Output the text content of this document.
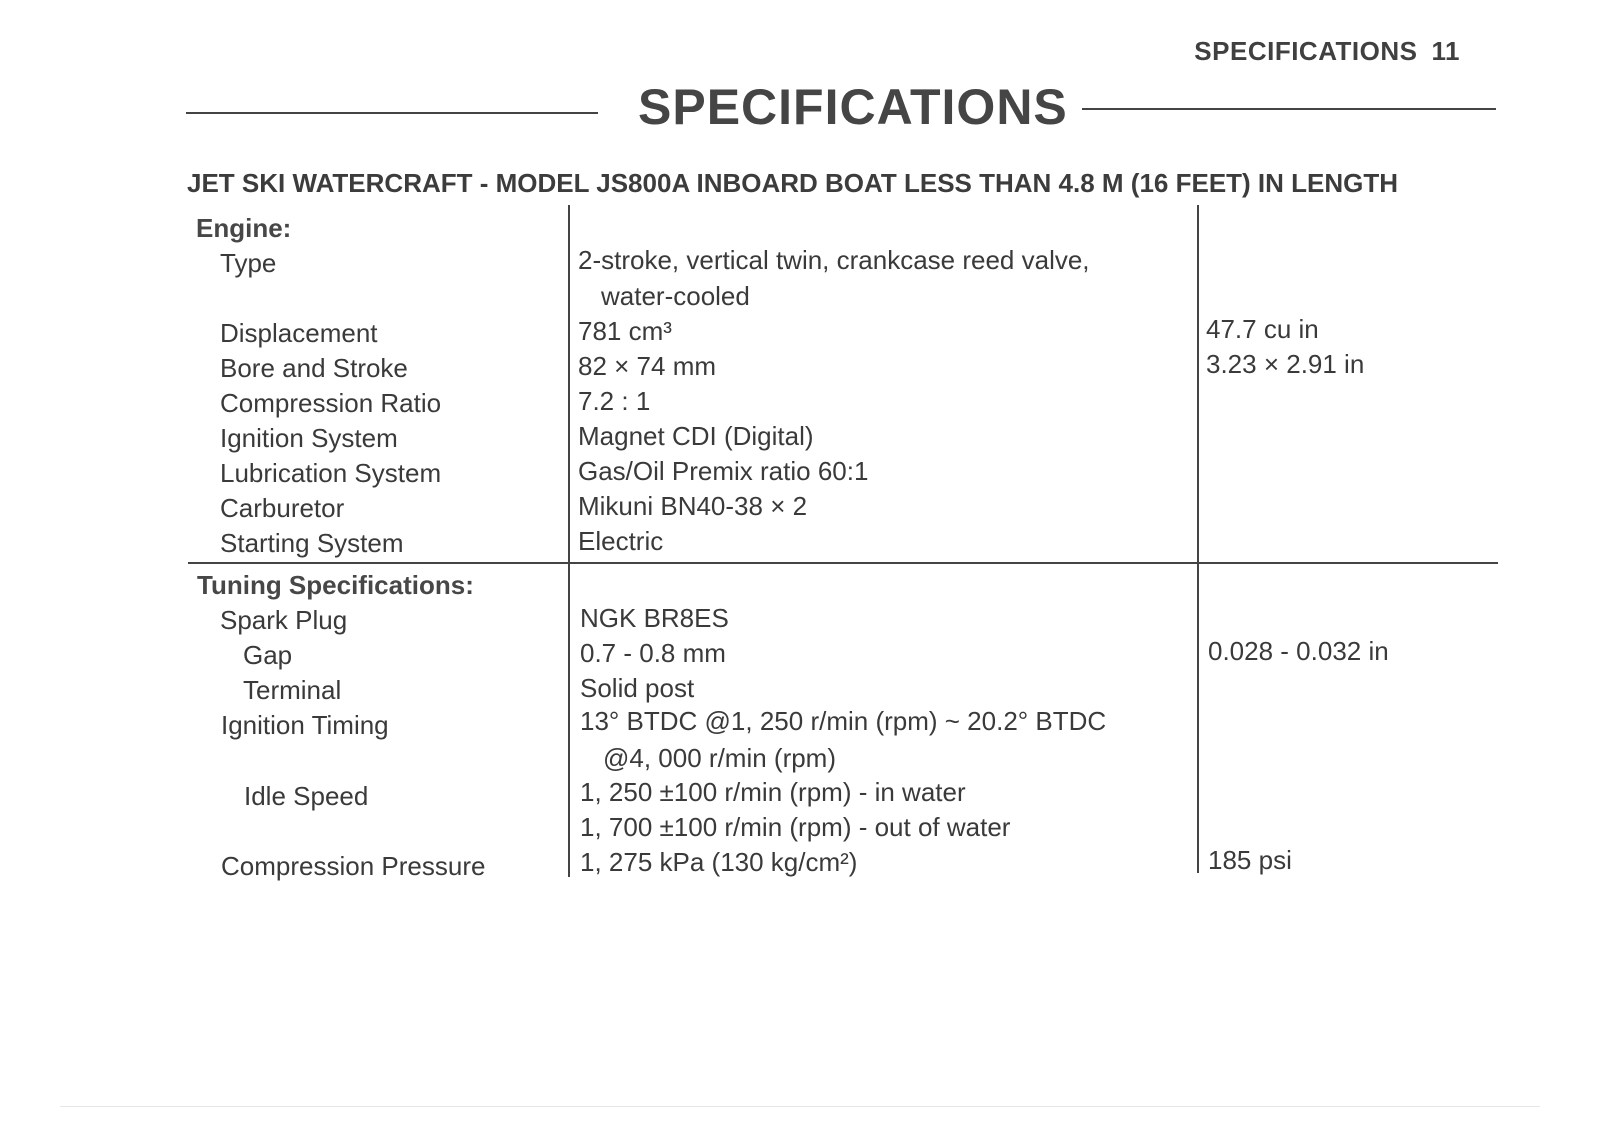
SPECIFICATIONS 11
SPECIFICATIONS
JET SKI WATERCRAFT - MODEL JS800A INBOARD BOAT LESS THAN 4.8 M (16 FEET) IN LENGTH
Engine:
Type	2-stroke, vertical twin, crankcase reed valve,
water-cooled
Displacement	781 cm³	47.7 cu in
Bore and Stroke	82 × 74 mm	3.23 × 2.91 in
Compression Ratio	7.2 : 1
Ignition System	Magnet CDI (Digital)
Lubrication System	Gas/Oil Premix ratio 60:1
Carburetor	Mikuni BN40-38 × 2
Starting System	Electric
Tuning Specifications:
Spark Plug	NGK BR8ES
Gap	0.7 - 0.8 mm	0.028 - 0.032 in
Terminal	Solid post
Ignition Timing	13° BTDC @1, 250 r/min (rpm) ~ 20.2° BTDC
@4, 000 r/min (rpm)
Idle Speed	1, 250 ±100 r/min (rpm) - in water
1, 700 ±100 r/min (rpm) - out of water
Compression Pressure	1, 275 kPa (130 kg/cm²)	185 psi
